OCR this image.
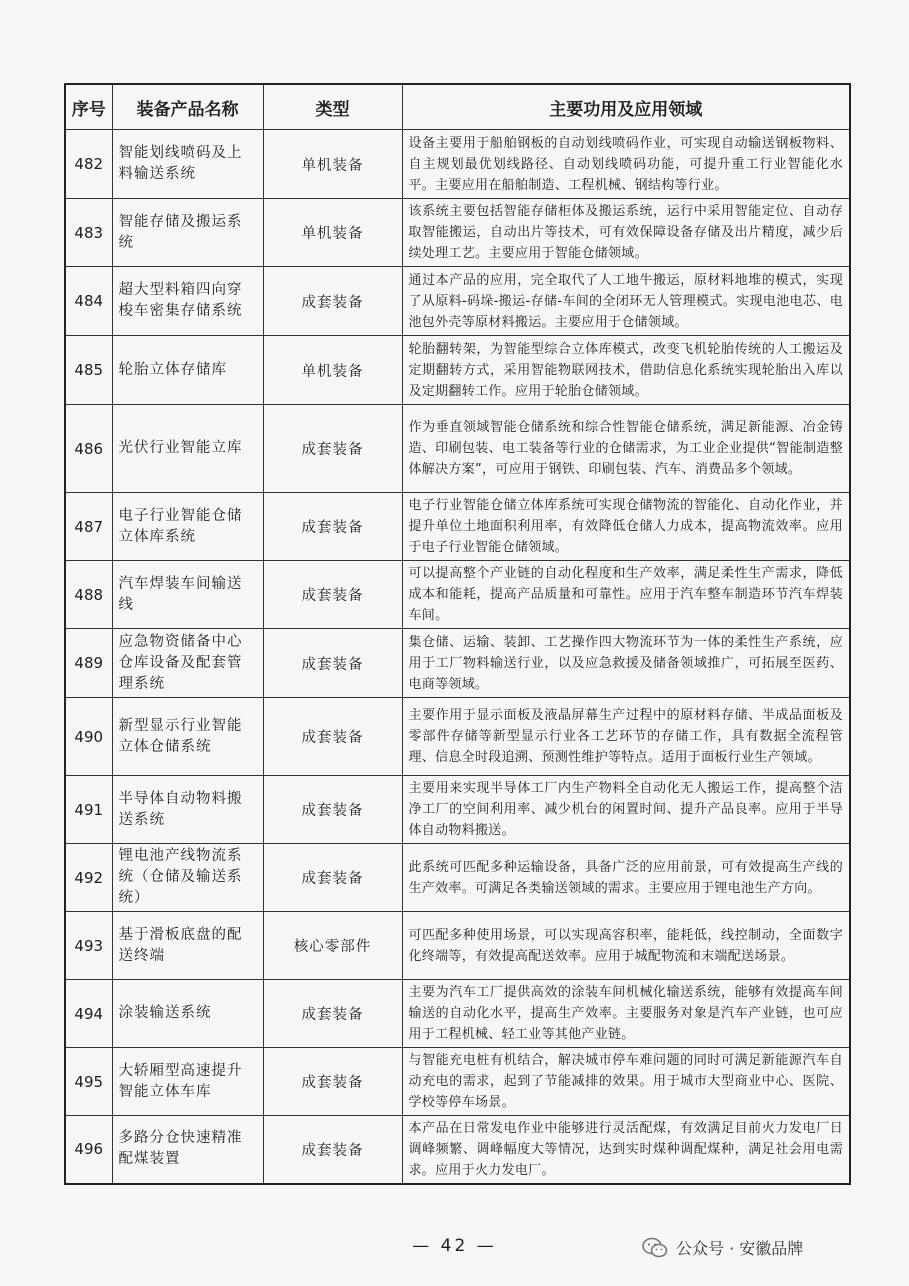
序号	装备产品名称	类型	主要功用及应用领域
482	智能划线喷码及上料输送系统	单机装备	设备主要用于船舶钢板的自动划线喷码作业，可实现自动输送钢板物料、自主规划最优划线路径、自动划线喷码功能，可提升重工行业智能化水平。主要应用在船舶制造、工程机械、钢结构等行业。
483	智能存储及搬运系统	单机装备	该系统主要包括智能存储柜体及搬运系统，运行中采用智能定位、自动存取智能搬运，自动出片等技术，可有效保障设备存储及出片精度，减少后续处理工艺。主要应用于智能仓储领域。
484	超大型料箱四向穿梭车密集存储系统	成套装备	通过本产品的应用，完全取代了人工地牛搬运，原材料地堆的模式，实现了从原料-码垛-搬运-存储-车间的全闭环无人管理模式。实现电池电芯、电池包外壳等原材料搬运。主要应用于仓储领域。
485	轮胎立体存储库	单机装备	轮胎翻转架，为智能型综合立体库模式，改变飞机轮胎传统的人工搬运及定期翻转方式，采用智能物联网技术，借助信息化系统实现轮胎出入库以及定期翻转工作。应用于轮胎仓储领域。
486	光伏行业智能立库	成套装备	作为垂直领域智能仓储系统和综合性智能仓储系统，满足新能源、冶金铸造、印刷包装、电工装备等行业的仓储需求，为工业企业提供“智能制造整体解决方案”，可应用于钢铁、印刷包装、汽车、消费品多个领域。
487	电子行业智能仓储立体库系统	成套装备	电子行业智能仓储立体库系统可实现仓储物流的智能化、自动化作业，并提升单位土地面积利用率，有效降低仓储人力成本，提高物流效率。应用于电子行业智能仓储领域。
488	汽车焊装车间输送线	成套装备	可以提高整个产业链的自动化程度和生产效率，满足柔性生产需求，降低成本和能耗，提高产品质量和可靠性。应用于汽车整车制造环节汽车焊装车间。
489	应急物资储备中心仓库设备及配套管理系统	成套装备	集仓储、运输、装卸、工艺操作四大物流环节为一体的柔性生产系统，应用于工厂物料输送行业，以及应急救援及储备领域推广，可拓展至医药、电商等领域。
490	新型显示行业智能立体仓储系统	成套装备	主要作用于显示面板及液晶屏幕生产过程中的原材料存储、半成品面板及零部件存储等新型显示行业各工艺环节的存储工作，具有数据全流程管理、信息全时段追溯、预测性维护等特点。适用于面板行业生产领域。
491	半导体自动物料搬送系统	成套装备	主要用来实现半导体工厂内生产物料全自动化无人搬运工作，提高整个洁净工厂的空间利用率、减少机台的闲置时间、提升产品良率。应用于半导体自动物料搬送。
492	锂电池产线物流系统（仓储及输送系统）	成套装备	此系统可匹配多种运输设备，具备广泛的应用前景，可有效提高生产线的生产效率。可满足各类输送领域的需求。主要应用于锂电池生产方向。
493	基于滑板底盘的配送终端	核心零部件	可匹配多种使用场景，可以实现高容积率，能耗低，线控制动，全面数字化终端等，有效提高配送效率。应用于城配物流和末端配送场景。
494	涂装输送系统	成套装备	主要为汽车工厂提供高效的涂装车间机械化输送系统，能够有效提高车间输送的自动化水平，提高生产效率。主要服务对象是汽车产业链，也可应用于工程机械、轻工业等其他产业链。
495	大轿厢型高速提升智能立体车库	成套装备	与智能充电桩有机结合，解决城市停车难问题的同时可满足新能源汽车自动充电的需求，起到了节能减排的效果。用于城市大型商业中心、医院、学校等停车场景。
496	多路分仓快速精准配煤装置	成套装备	本产品在日常发电作业中能够进行灵活配煤，有效满足目前火力发电厂日调峰频繁、调峰幅度大等情况，达到实时煤种调配煤种，满足社会用电需求。应用于火力发电厂。
— 42 —	公众号 · 安徽品牌
